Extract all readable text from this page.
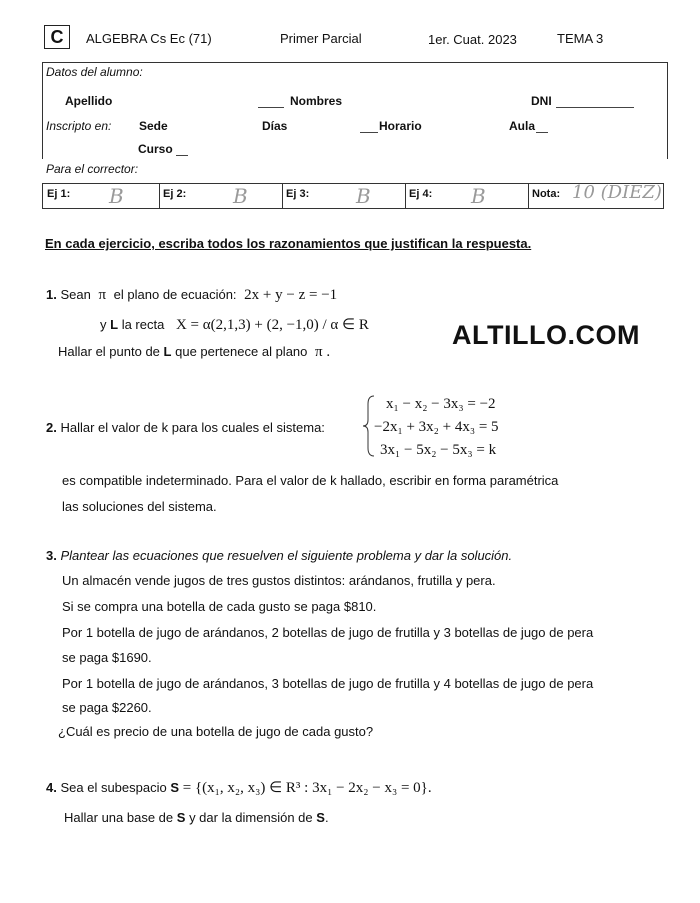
C	ALGEBRA Cs Ec (71)	Primer Parcial	1er. Cuat. 2023	TEMA 3
Datos del alumno:
Apellido	Nombres	DNI
Inscripto en: Sede	Días	Horario	Aula
Curso
Para el corrector:
Ej 1: B	Ej 2: B	Ej 3: B	Ej 4: B	Nota: 10 (DIEZ)
En cada ejercicio, escriba todos los razonamientos que justifican la respuesta.
ALTILLO.COM
1. Sean π el plano de ecuación: 2x + y − z = −1
y L la recta X = α(2,1,3) + (2, −1,0) / α ∈ R
Hallar el punto de L que pertenece al plano π .
2. Hallar el valor de k para los cuales el sistema:
x₁ − x₂ − 3x₃ = −2
−2x₁ + 3x₂ + 4x₃ = 5
3x₁ − 5x₂ − 5x₃ = k
es compatible indeterminado. Para el valor de k hallado, escribir en forma paramétrica
las soluciones del sistema.
3. Plantear las ecuaciones que resuelven el siguiente problema y dar la solución.
Un almacén vende jugos de tres gustos distintos: arándanos, frutilla y pera.
Si se compra una botella de cada gusto se paga $810.
Por 1 botella de jugo de arándanos, 2 botellas de jugo de frutilla y 3 botellas de jugo de pera
se paga $1690.
Por 1 botella de jugo de arándanos, 3 botellas de jugo de frutilla y 4 botellas de jugo de pera
se paga $2260.
¿Cuál es precio de una botella de jugo de cada gusto?
4. Sea el subespacio S = {(x₁, x₂, x₃) ∈ R³ : 3x₁ − 2x₂ − x₃ = 0}.
Hallar una base de S y dar la dimensión de S.
